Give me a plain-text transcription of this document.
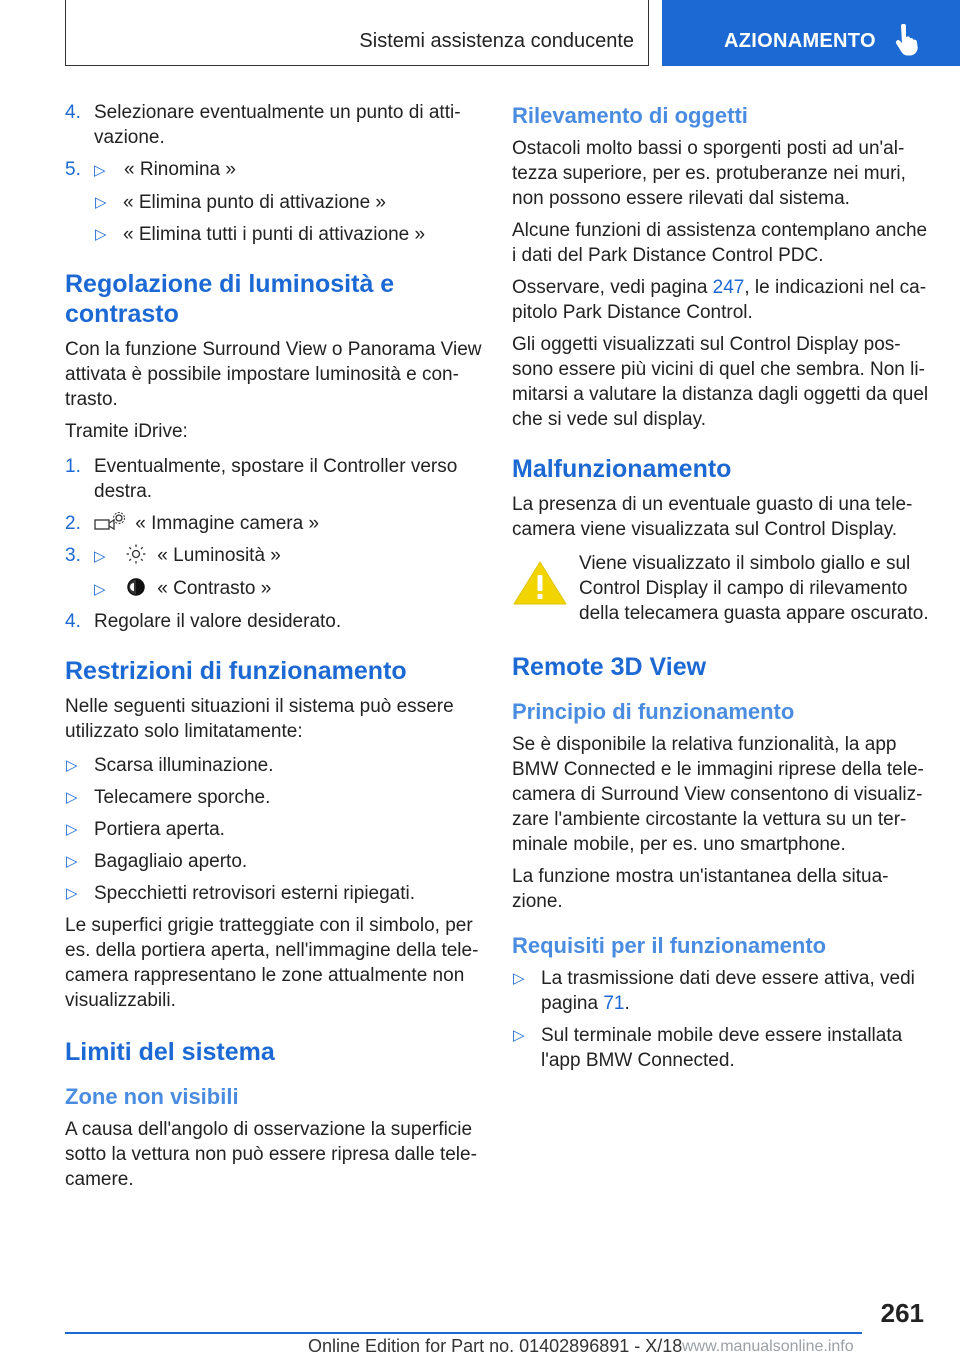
Sistemi assistenza conducente	AZIONAMENTO
4. Selezionare eventualmente un punto di atti-vazione.
5. ▷ « Rinomina »
▷ « Elimina punto di attivazione »
▷ « Elimina tutti i punti di attivazione »
Regolazione di luminosità e contrasto

Con la funzione Surround View o Panorama View attivata è possibile impostare luminosità e con-trasto.

Tramite iDrive:

1. Eventualmente, spostare il Controller verso destra.
2.	« Immagine camera »
3. ▷	« Luminosità »
▷	« Contrasto »
4. Regolare il valore desiderato.
Restrizioni di funzionamento

Nelle seguenti situazioni il sistema può essere utilizzato solo limitatamente:

▷ Scarsa illuminazione.
▷ Telecamere sporche.
▷ Portiera aperta.
▷ Bagagliaio aperto.
▷ Specchietti retrovisori esterni ripiegati.

Le superfici grigie tratteggiate con il simbolo, per es. della portiera aperta, nell'immagine della tele-camera rappresentano le zone attualmente non visualizzabili.

Limiti del sistema
Zone non visibili

A causa dell'angolo di osservazione la superficie sotto la vettura non può essere ripresa dalle tele-camere.

Rilevamento di oggetti

Ostacoli molto bassi o sporgenti posti ad un'al-tezza superiore, per es. protuberanze nei muri, non possono essere rilevati dal sistema.

Alcune funzioni di assistenza contemplano anche i dati del Park Distance Control PDC.

Osservare, vedi pagina 247, le indicazioni nel ca-pitolo Park Distance Control.

Gli oggetti visualizzati sul Control Display pos-sono essere più vicini di quel che sembra. Non li-mitarsi a valutare la distanza dagli oggetti da quel che si vede sul display.

Malfunzionamento

La presenza di un eventuale guasto di una tele-camera viene visualizzata sul Control Display.

Viene visualizzato il simbolo giallo e sul Control Display il campo di rilevamento della telecamera guasta appare oscurato.

Remote 3D View
Principio di funzionamento

Se è disponibile la relativa funzionalità, la app BMW Connected e le immagini riprese della tele-camera di Surround View consentono di visualiz-zare l'ambiente circostante la vettura su un ter-minale mobile, per es. uno smartphone.

La funzione mostra un'istantanea della situa-zione.

Requisiti per il funzionamento
▷ La trasmissione dati deve essere attiva, vedi pagina 71.
▷ Sul terminale mobile deve essere installata l'app BMW Connected.
261
Online Edition for Part no. 01402896891 - X/18 www.manualsonline.info
